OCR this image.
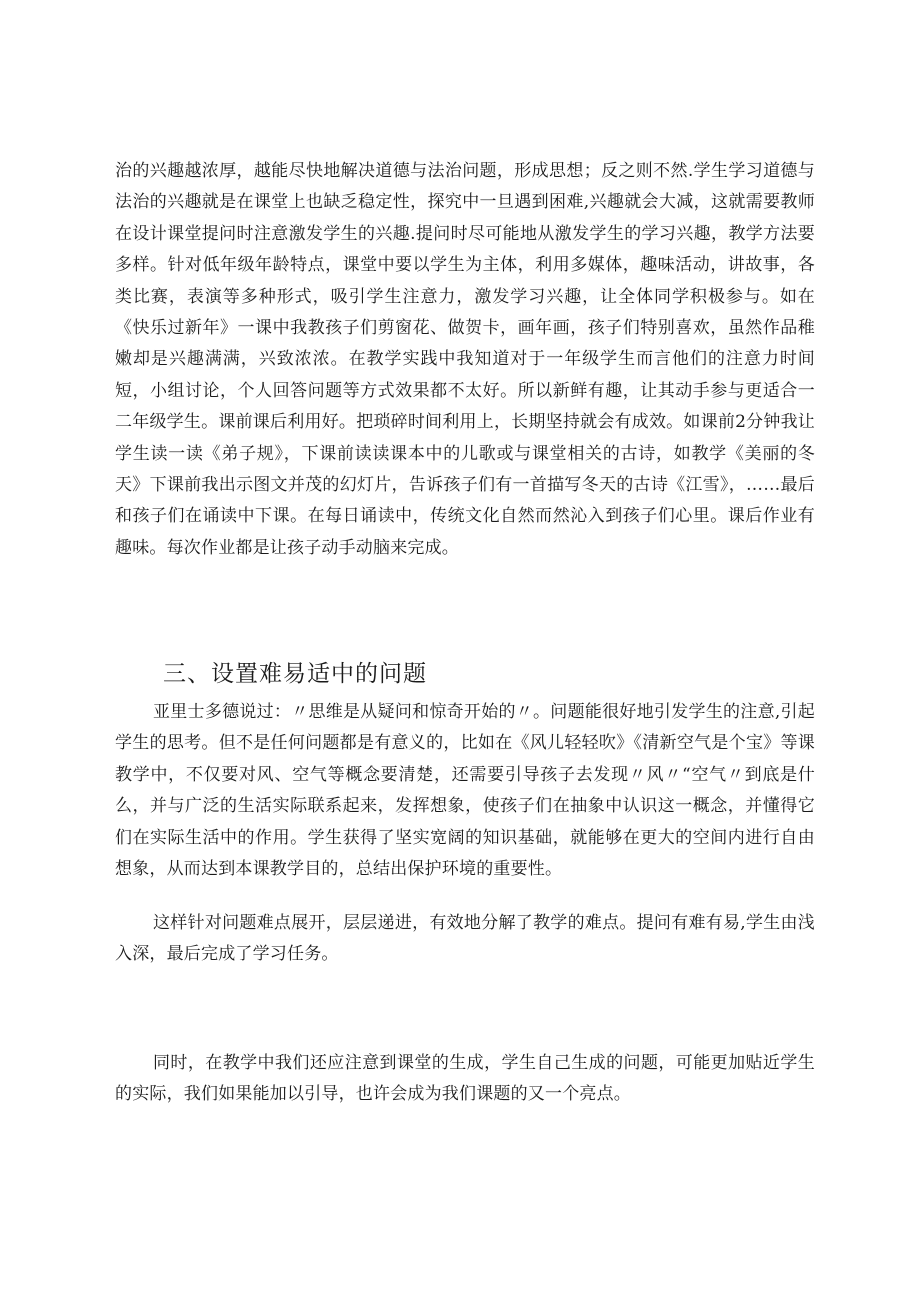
治的兴趣越浓厚，越能尽快地解决道德与法治问题，形成思想；反之则不然.学生学习道德与法治的兴趣就是在课堂上也缺乏稳定性，探究中一旦遇到困难,兴趣就会大减，这就需要教师在设计课堂提问时注意激发学生的兴趣.提问时尽可能地从激发学生的学习兴趣，教学方法要多样。针对低年级年龄特点，课堂中要以学生为主体，利用多媒体，趣味活动，讲故事，各类比赛，表演等多种形式，吸引学生注意力，激发学习兴趣，让全体同学积极参与。如在《快乐过新年》一课中我教孩子们剪窗花、做贺卡，画年画，孩子们特别喜欢，虽然作品稚嫩却是兴趣满满，兴致浓浓。在教学实践中我知道对于一年级学生而言他们的注意力时间短，小组讨论，个人回答问题等方式效果都不太好。所以新鲜有趣，让其动手参与更适合一二年级学生。课前课后利用好。把琐碎时间利用上，长期坚持就会有成效。如课前2分钟我让学生读一读《弟子规》，下课前读读课本中的儿歌或与课堂相关的古诗，如教学《美丽的冬天》下课前我出示图文并茂的幻灯片，告诉孩子们有一首描写冬天的古诗《江雪》，……最后和孩子们在诵读中下课。在每日诵读中，传统文化自然而然沁入到孩子们心里。课后作业有趣味。每次作业都是让孩子动手动脑来完成。

三、设置难易适中的问题

亚里士多德说过：〃思维是从疑问和惊奇开始的〃。问题能很好地引发学生的注意,引起学生的思考。但不是任何问题都是有意义的，比如在《风儿轻轻吹》《清新空气是个宝》等课教学中，不仅要对风、空气等概念要清楚，还需要引导孩子去发现〃风〃“空气〃到底是什么，并与广泛的生活实际联系起来，发挥想象，使孩子们在抽象中认识这一概念，并懂得它们在实际生活中的作用。学生获得了坚实宽阔的知识基础，就能够在更大的空间内进行自由想象，从而达到本课教学目的，总结出保护环境的重要性。

这样针对问题难点展开，层层递进，有效地分解了教学的难点。提问有难有易,学生由浅入深，最后完成了学习任务。

同时，在教学中我们还应注意到课堂的生成，学生自己生成的问题，可能更加贴近学生的实际，我们如果能加以引导，也许会成为我们课题的又一个亮点。
